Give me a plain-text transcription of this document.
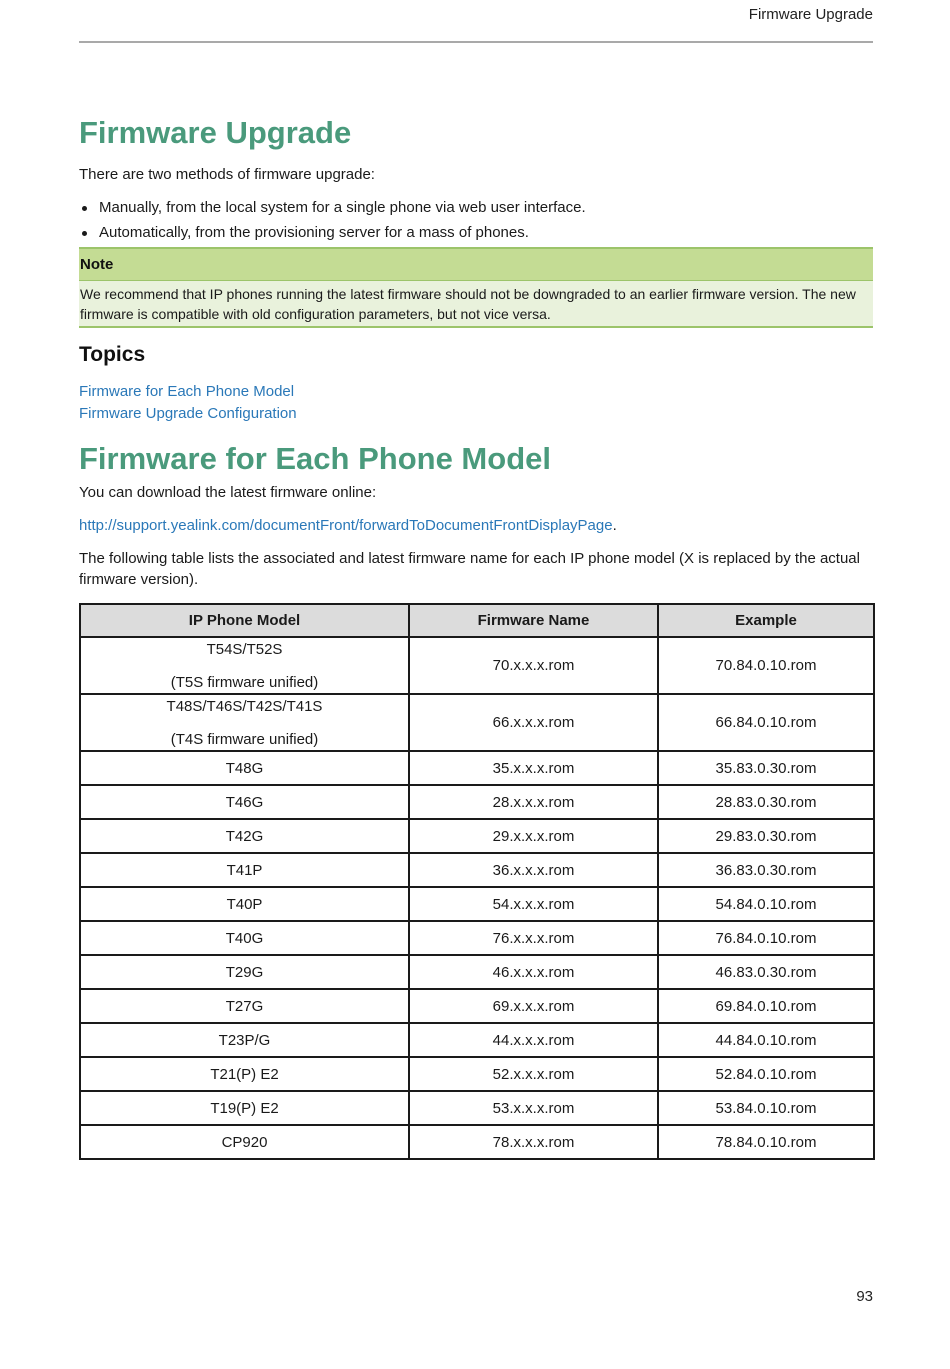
Firmware Upgrade
Firmware Upgrade

There are two methods of firmware upgrade:

Manually, from the local system for a single phone via web user interface.
Automatically, from the provisioning server for a mass of phones.
Note
We recommend that IP phones running the latest firmware should not be downgraded to an earlier firmware version. The new firmware is compatible with old configuration parameters, but not vice versa.
Topics
Firmware for Each Phone Model
Firmware Upgrade Configuration
Firmware for Each Phone Model

You can download the latest firmware online:

http://support.yealink.com/documentFront/forwardToDocumentFrontDisplayPage.

The following table lists the associated and latest firmware name for each IP phone model (X is replaced by the actual firmware version).

IP Phone Model	Firmware Name	Example

T54S/T52S
(T5S firmware unified)	70.x.x.x.rom	70.84.0.10.rom

T48S/T46S/T42S/T41S
(T4S firmware unified)	66.x.x.x.rom	66.84.0.10.rom
T48G	35.x.x.x.rom	35.83.0.30.rom
T46G	28.x.x.x.rom	28.83.0.30.rom
T42G	29.x.x.x.rom	29.83.0.30.rom
T41P	36.x.x.x.rom	36.83.0.30.rom
T40P	54.x.x.x.rom	54.84.0.10.rom
T40G	76.x.x.x.rom	76.84.0.10.rom
T29G	46.x.x.x.rom	46.83.0.30.rom
T27G	69.x.x.x.rom	69.84.0.10.rom
T23P/G	44.x.x.x.rom	44.84.0.10.rom
T21(P) E2	52.x.x.x.rom	52.84.0.10.rom
T19(P) E2	53.x.x.x.rom	53.84.0.10.rom
CP920	78.x.x.x.rom	78.84.0.10.rom
93
